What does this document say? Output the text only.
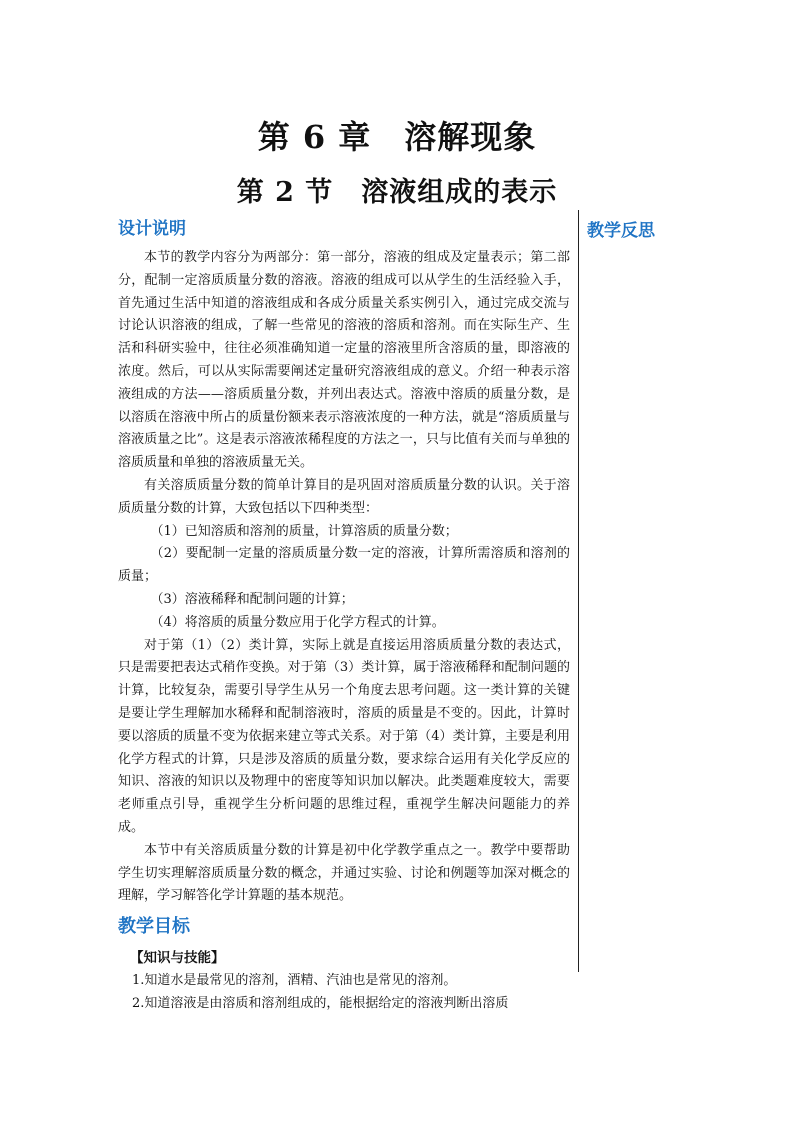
第 6 章　溶解现象
第 2 节　溶液组成的表示
教学反思
设计说明

本节的教学内容分为两部分：第一部分，溶液的组成及定量表示；第二部分，配制一定溶质质量分数的溶液。溶液的组成可以从学生的生活经验入手，首先通过生活中知道的溶液组成和各成分质量关系实例引入，通过完成交流与讨论认识溶液的组成，了解一些常见的溶液的溶质和溶剂。而在实际生产、生活和科研实验中，往往必须准确知道一定量的溶液里所含溶质的量，即溶液的浓度。然后，可以从实际需要阐述定量研究溶液组成的意义。介绍一种表示溶液组成的方法——溶质质量分数，并列出表达式。溶液中溶质的质量分数，是以溶质在溶液中所占的质量份额来表示溶液浓度的一种方法，就是“溶质质量与溶液质量之比”。这是表示溶液浓稀程度的方法之一，只与比值有关而与单独的溶质质量和单独的溶液质量无关。

有关溶质质量分数的简单计算目的是巩固对溶质质量分数的认识。关于溶质质量分数的计算，大致包括以下四种类型：

（1）已知溶质和溶剂的质量，计算溶质的质量分数；

（2）要配制一定量的溶质质量分数一定的溶液，计算所需溶质和溶剂的质量；

（3）溶液稀释和配制问题的计算；

（4）将溶质的质量分数应用于化学方程式的计算。

对于第（1）（2）类计算，实际上就是直接运用溶质质量分数的表达式，只是需要把表达式稍作变换。对于第（3）类计算，属于溶液稀释和配制问题的计算，比较复杂，需要引导学生从另一个角度去思考问题。这一类计算的关键是要让学生理解加水稀释和配制溶液时，溶质的质量是不变的。因此，计算时要以溶质的质量不变为依据来建立等式关系。对于第（4）类计算，主要是利用化学方程式的计算，只是涉及溶质的质量分数，要求综合运用有关化学反应的知识、溶液的知识以及物理中的密度等知识加以解决。此类题难度较大，需要老师重点引导，重视学生分析问题的思维过程，重视学生解决问题能力的养成。

本节中有关溶质质量分数的计算是初中化学教学重点之一。教学中要帮助学生切实理解溶质质量分数的概念，并通过实验、讨论和例题等加深对概念的理解，学习解答化学计算题的基本规范。

教学目标

【知识与技能】

1.知道水是最常见的溶剂，酒精、汽油也是常见的溶剂。

2.知道溶液是由溶质和溶剂组成的，能根据给定的溶液判断出溶质
